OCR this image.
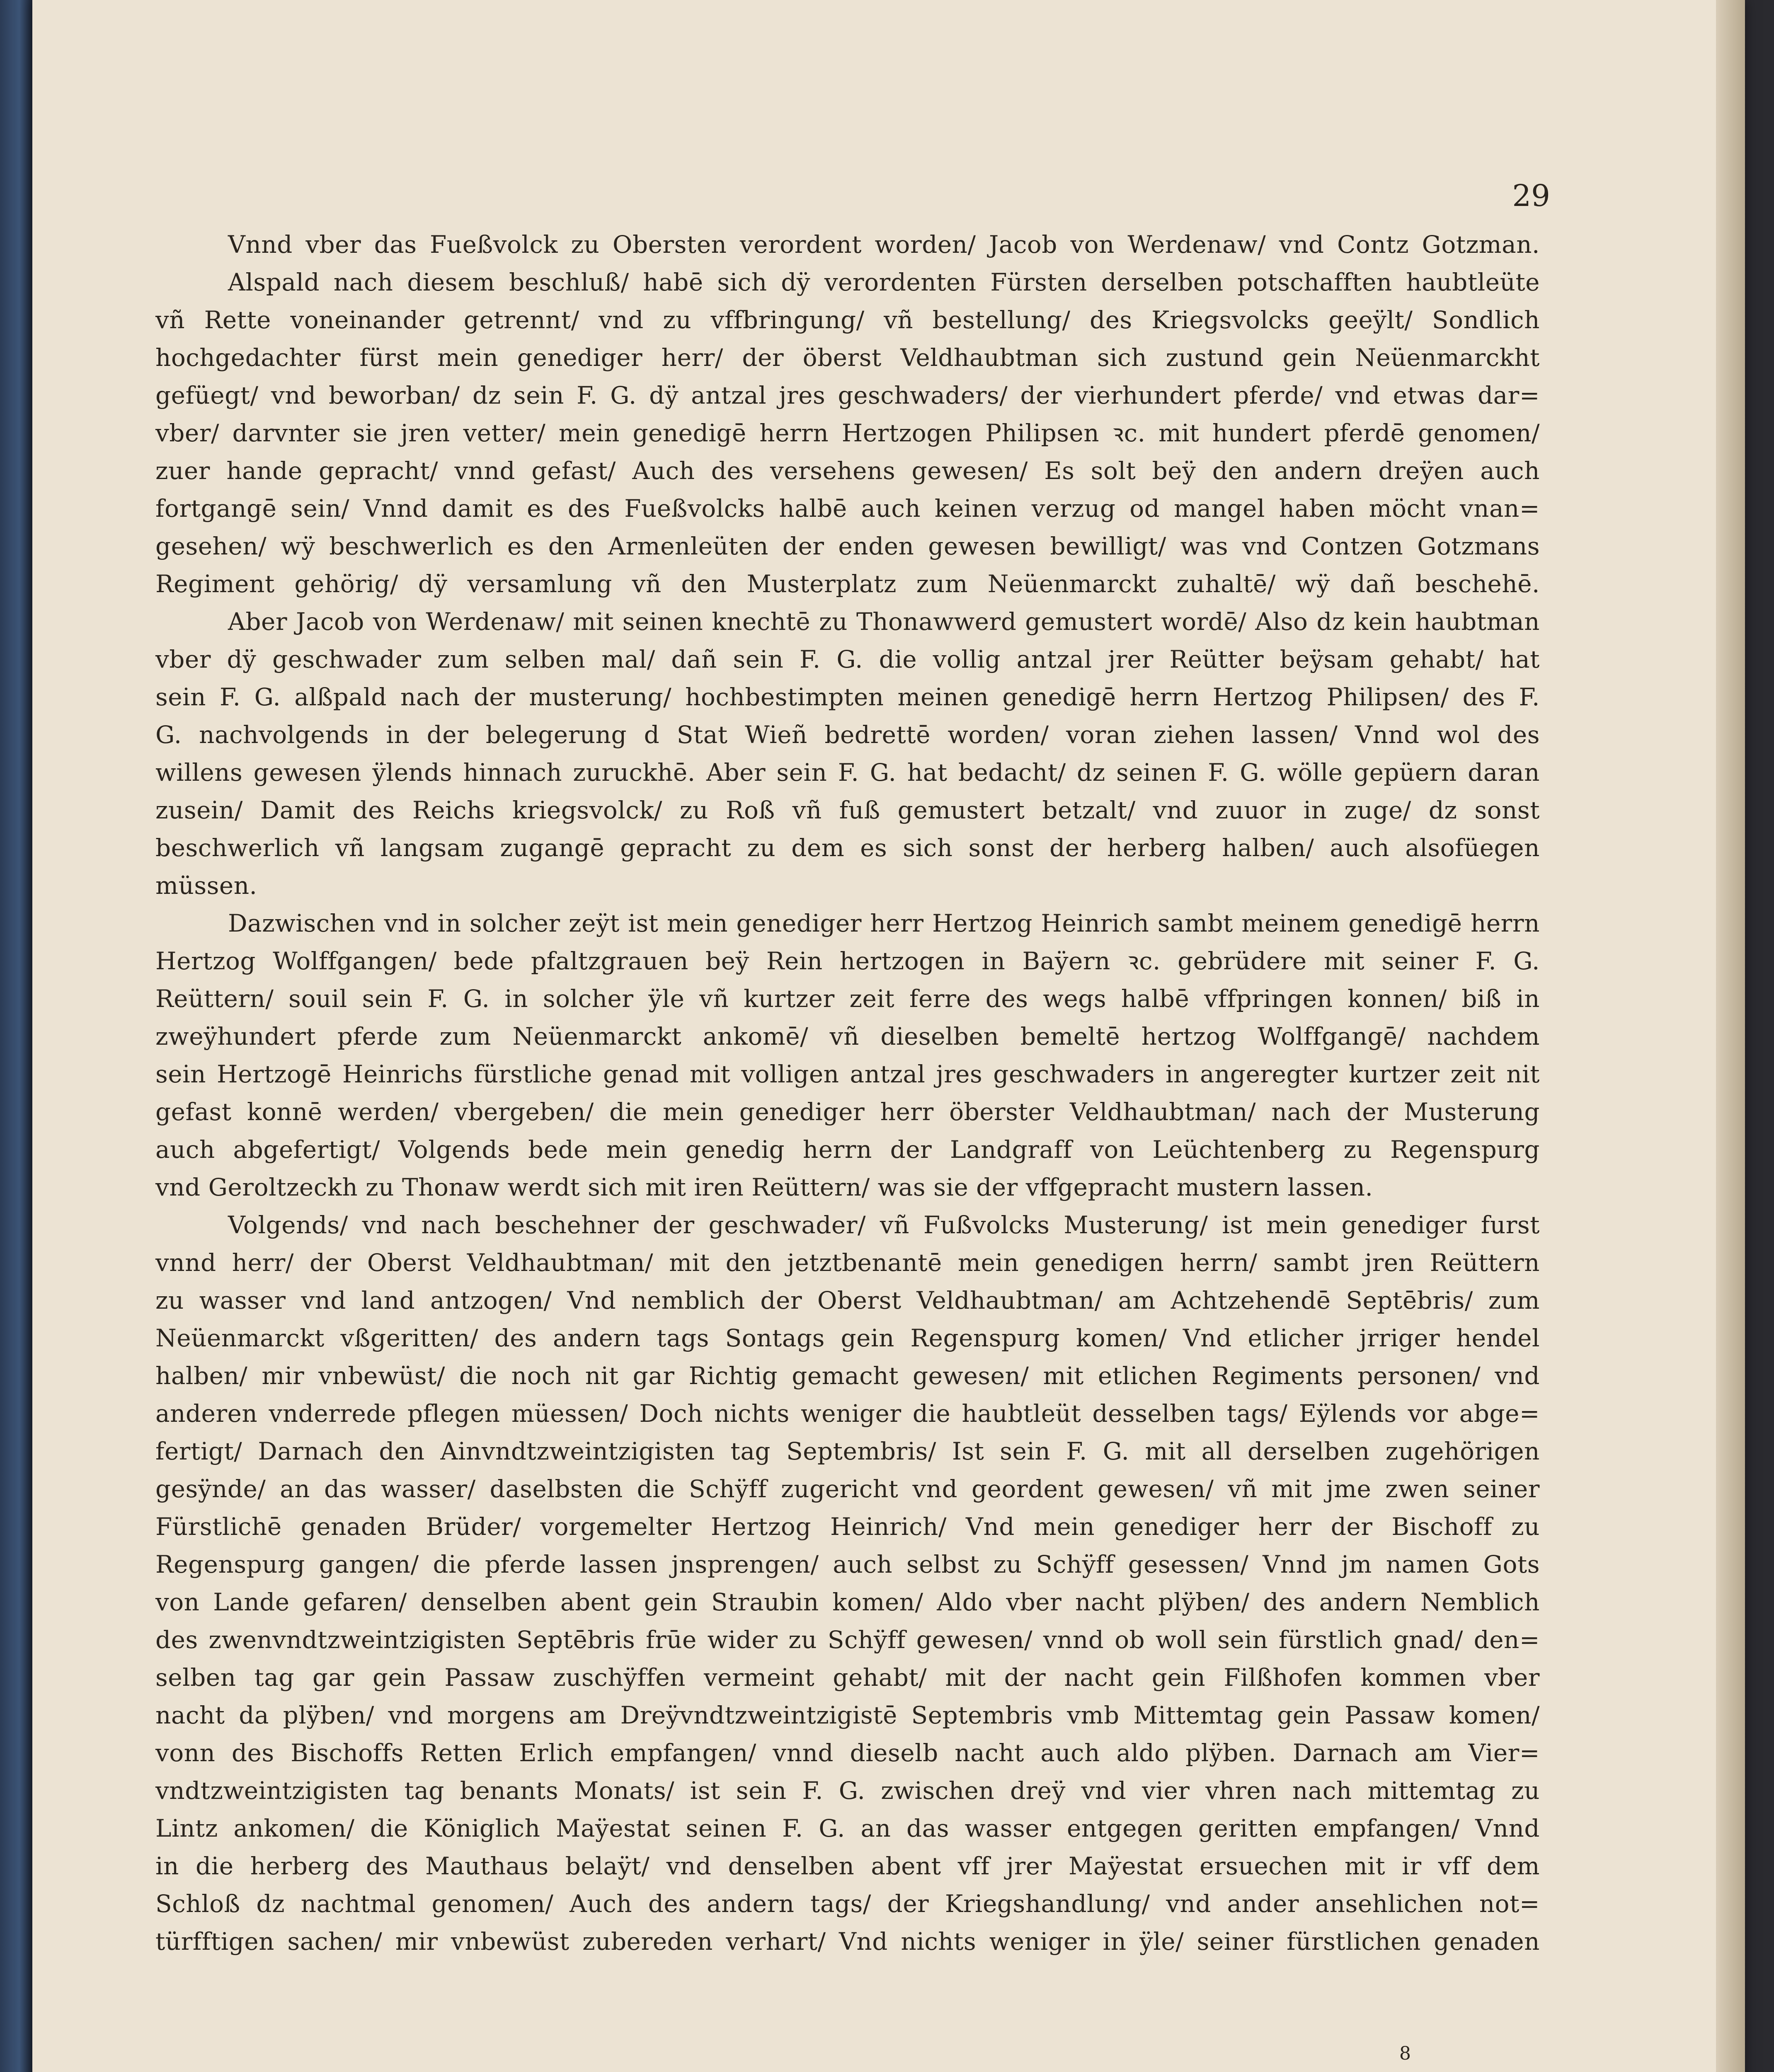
29
Vnnd vber das Fueßvolck zu Obersten verordent worden/ Jacob von Werdenaw/ vnd Contz Gotzman.
Alspald nach diesem beschluß/ habē sich dÿ verordenten Fürsten derselben potschafften haubtleüte
vñ Rette voneinander getrennt/ vnd zu vffbringung/ vñ bestellung/ des Kriegsvolcks geeÿlt/ Sondlich
hochgedachter fürst mein genediger herr/ der öberst Veldhaubtman sich zustund gein Neüenmarckht
gefüegt/ vnd beworban/ dz sein F. G. dÿ antzal jres geschwaders/ der vierhundert pferde/ vnd etwas dar=
vber/ darvnter sie jren vetter/ mein genedigē herrn Hertzogen Philipsen ꝛc. mit hundert pferdē genomen/
zuer hande gepracht/ vnnd gefast/ Auch des versehens gewesen/ Es solt beÿ den andern dreÿen auch
fortgangē sein/ Vnnd damit es des Fueßvolcks halbē auch keinen verzug od mangel haben möcht vnan=
gesehen/ wÿ beschwerlich es den Armenleüten der enden gewesen bewilligt/ was vnd Contzen Gotzmans
Regiment gehörig/ dÿ versamlung vñ den Musterplatz zum Neüenmarckt zuhaltē/ wÿ dañ beschehē.
Aber Jacob von Werdenaw/ mit seinen knechtē zu Thonawwerd gemustert wordē/ Also dz kein haubtman
vber dÿ geschwader zum selben mal/ dañ sein F. G. die vollig antzal jrer Reütter beÿsam gehabt/ hat
sein F. G. alßpald nach der musterung/ hochbestimpten meinen genedigē herrn Hertzog Philipsen/ des F.
G. nachvolgends in der belegerung d Stat Wieñ bedrettē worden/ voran ziehen lassen/ Vnnd wol des
willens gewesen ÿlends hinnach zuruckhē. Aber sein F. G. hat bedacht/ dz seinen F. G. wölle gepüern daran
zusein/ Damit des Reichs kriegsvolck/ zu Roß vñ fuß gemustert betzalt/ vnd zuuor in zuge/ dz sonst
beschwerlich vñ langsam zugangē gepracht zu dem es sich sonst der herberg halben/ auch alsofüegen
müssen.
Dazwischen vnd in solcher zeÿt ist mein genediger herr Hertzog Heinrich sambt meinem genedigē herrn
Hertzog Wolffgangen/ bede pfaltzgrauen beÿ Rein hertzogen in Baÿern ꝛc. gebrüdere mit seiner F. G.
Reüttern/ souil sein F. G. in solcher ÿle vñ kurtzer zeit ferre des wegs halbē vffpringen konnen/ biß in
zweÿhundert pferde zum Neüenmarckt ankomē/ vñ dieselben bemeltē hertzog Wolffgangē/ nachdem
sein Hertzogē Heinrichs fürstliche genad mit volligen antzal jres geschwaders in angeregter kurtzer zeit nit
gefast konnē werden/ vbergeben/ die mein genediger herr öberster Veldhaubtman/ nach der Musterung
auch abgefertigt/ Volgends bede mein genedig herrn der Landgraff von Leüchtenberg zu Regenspurg
vnd Geroltzeckh zu Thonaw werdt sich mit iren Reüttern/ was sie der vffgepracht mustern lassen.
Volgends/ vnd nach beschehner der geschwader/ vñ Fußvolcks Musterung/ ist mein genediger furst
vnnd herr/ der Oberst Veldhaubtman/ mit den jetztbenantē mein genedigen herrn/ sambt jren Reüttern
zu wasser vnd land antzogen/ Vnd nemblich der Oberst Veldhaubtman/ am Achtzehendē Septēbris/ zum
Neüenmarckt vßgeritten/ des andern tags Sontags gein Regenspurg komen/ Vnd etlicher jrriger hendel
halben/ mir vnbewüst/ die noch nit gar Richtig gemacht gewesen/ mit etlichen Regiments personen/ vnd
anderen vnderrede pflegen müessen/ Doch nichts weniger die haubtleüt desselben tags/ Eÿlends vor abge=
fertigt/ Darnach den Ainvndtzweintzigisten tag Septembris/ Ist sein F. G. mit all derselben zugehörigen
gesÿnde/ an das wasser/ daselbsten die Schÿff zugericht vnd geordent gewesen/ vñ mit jme zwen seiner
Fürstlichē genaden Brüder/ vorgemelter Hertzog Heinrich/ Vnd mein genediger herr der Bischoff zu
Regenspurg gangen/ die pferde lassen jnsprengen/ auch selbst zu Schÿff gesessen/ Vnnd jm namen Gots
von Lande gefaren/ denselben abent gein Straubin komen/ Aldo vber nacht plÿben/ des andern Nemblich
des zwenvndtzweintzigisten Septēbris frūe wider zu Schÿff gewesen/ vnnd ob woll sein fürstlich gnad/ den=
selben tag gar gein Passaw zuschÿffen vermeint gehabt/ mit der nacht gein Filßhofen kommen vber
nacht da plÿben/ vnd morgens am Dreÿvndtzweintzigistē Septembris vmb Mittemtag gein Passaw komen/
vonn des Bischoffs Retten Erlich empfangen/ vnnd dieselb nacht auch aldo plÿben. Darnach am Vier=
vndtzweintzigisten tag benants Monats/ ist sein F. G. zwischen dreÿ vnd vier vhren nach mittemtag zu
Lintz ankomen/ die Königlich Maÿestat seinen F. G. an das wasser entgegen geritten empfangen/ Vnnd
in die herberg des Mauthaus belaÿt/ vnd denselben abent vff jrer Maÿestat ersuechen mit ir vff dem
Schloß dz nachtmal genomen/ Auch des andern tags/ der Kriegshandlung/ vnd ander ansehlichen not=
türfftigen sachen/ mir vnbewüst zubereden verhart/ Vnd nichts weniger in ÿle/ seiner fürstlichen genaden
8
